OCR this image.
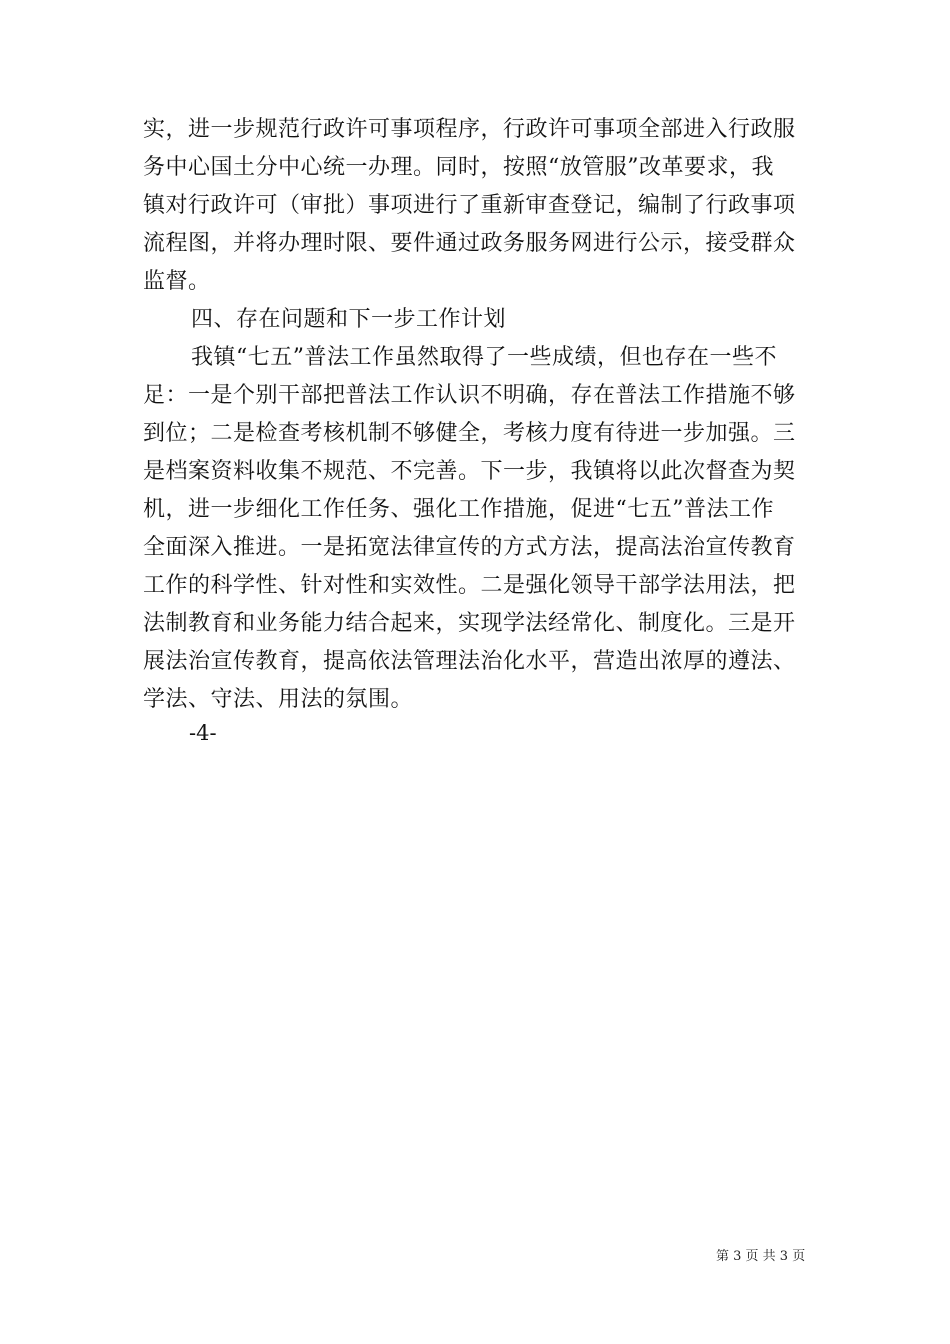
实，进一步规范行政许可事项程序，行政许可事项全部进入行政服
务中心国土分中心统一办理。同时，按照“放管服”改革要求，我
镇对行政许可（审批）事项进行了重新审查登记，编制了行政事项
流程图，并将办理时限、要件通过政务服务网进行公示，接受群众
监督。
四、存在问题和下一步工作计划
我镇“七五”普法工作虽然取得了一些成绩，但也存在一些不
足：一是个别干部把普法工作认识不明确，存在普法工作措施不够
到位；二是检查考核机制不够健全，考核力度有待进一步加强。三
是档案资料收集不规范、不完善。下一步，我镇将以此次督查为契
机，进一步细化工作任务、强化工作措施，促进“七五”普法工作
全面深入推进。一是拓宽法律宣传的方式方法，提高法治宣传教育
工作的科学性、针对性和实效性。二是强化领导干部学法用法，把
法制教育和业务能力结合起来，实现学法经常化、制度化。三是开
展法治宣传教育，提高依法管理法治化水平，营造出浓厚的遵法、
学法、守法、用法的氛围。
-4-
第 3 页 共 3 页
